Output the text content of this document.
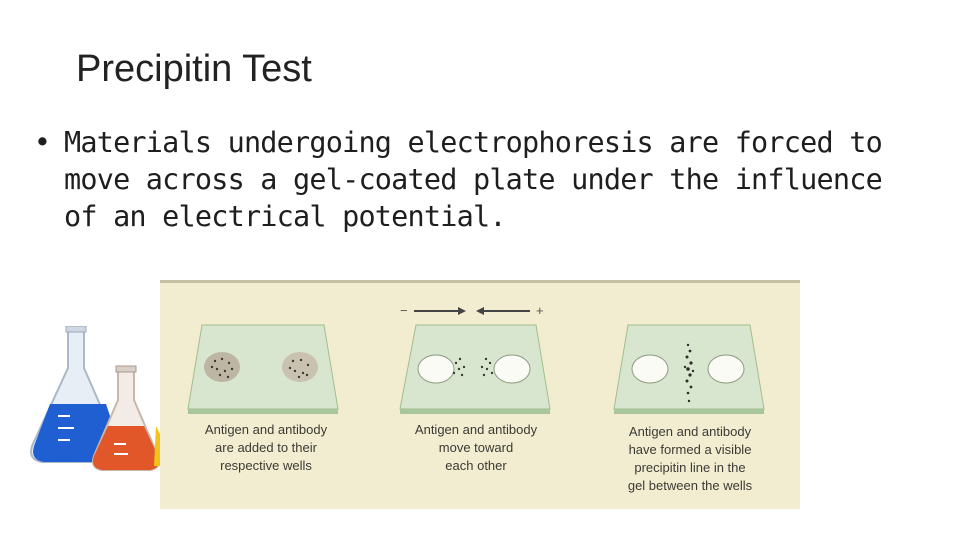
Precipitin Test
• Materials undergoing electrophoresis are forced to move across a gel-coated plate under the influence of an electrical potential.
−	+
Antigen and antibody
are added to their
respective wells
Antigen and antibody
move toward
each other
Antigen and antibody
have formed a visible
precipitin line in the
gel between the wells
